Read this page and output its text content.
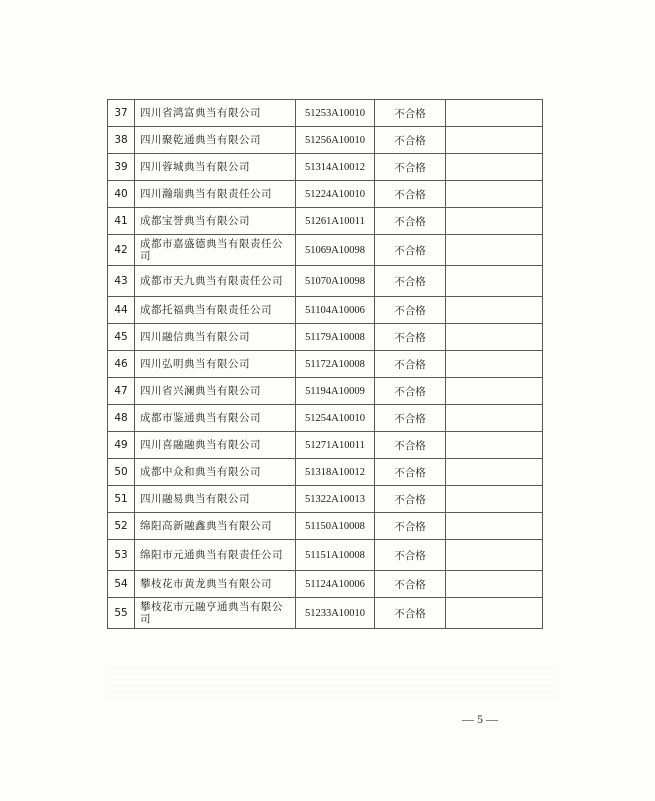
37	四川省鸿富典当有限公司	51253A10010	不合格	
38	四川聚乾通典当有限公司	51256A10010	不合格	
39	四川蓉城典当有限公司	51314A10012	不合格	
40	四川瀚瑞典当有限责任公司	51224A10010	不合格	
41	成都宝誉典当有限公司	51261A10011	不合格	
42	成都市嘉盛德典当有限责任公司	51069A10098	不合格	
43	成都市天九典当有限责任公司	51070A10098	不合格	
44	成都托福典当有限责任公司	51104A10006	不合格	
45	四川融信典当有限公司	51179A10008	不合格	
46	四川弘明典当有限公司	51172A10008	不合格	
47	四川省兴澜典当有限公司	51194A10009	不合格	
48	成都市鉴通典当有限公司	51254A10010	不合格	
49	四川喜融融典当有限公司	51271A10011	不合格	
50	成都中众和典当有限公司	51318A10012	不合格	
51	四川融易典当有限公司	51322A10013	不合格	
52	绵阳高新融鑫典当有限公司	51150A10008	不合格	
53	绵阳市元通典当有限责任公司	51151A10008	不合格	
54	攀枝花市黄龙典当有限公司	51124A10006	不合格	
55	攀枝花市元融亨通典当有限公司	51233A10010	不合格	
— 5 —
